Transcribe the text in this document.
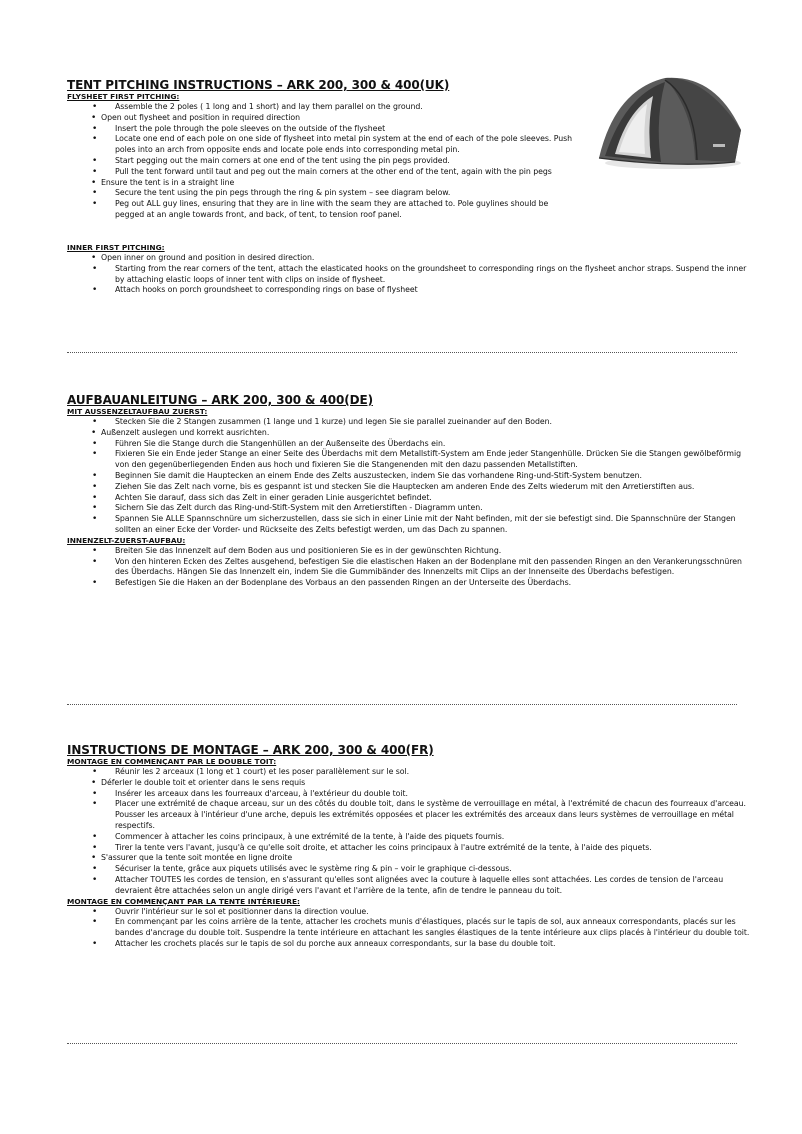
TENT PITCHING INSTRUCTIONS – ARK 200, 300 & 400(UK)
FLYSHEET FIRST PITCHING:
• Assemble the 2 poles ( 1 long and 1 short) and lay them parallel on the ground.
• Open out flysheet and position in required direction
• Insert the pole through the pole sleeves on the outside of the flysheet
• Locate one end of each pole on one side of flysheet into metal pin system at the end of each of the pole sleeves. Push poles into an arch from opposite ends and locate pole ends into corresponding metal pin.
• Start pegging out the main corners at one end of the tent using the pin pegs provided.
• Pull the tent forward until taut and peg out the main corners at the other end of the tent, again with the pin pegs
• Ensure the tent is in a straight line
• Secure the tent using the pin pegs through the ring & pin system – see diagram below.
• Peg out ALL guy lines, ensuring that they are in line with the seam they are attached to. Pole guylines should be pegged at an angle towards front, and back, of tent, to tension roof panel.
INNER FIRST PITCHING:
• Open inner on ground and position in desired direction.
• Starting from the rear corners of the tent, attach the elasticated hooks on the groundsheet to corresponding rings on the flysheet anchor straps. Suspend the inner by attaching elastic loops of inner tent with clips on inside of flysheet.
• Attach hooks on porch groundsheet to corresponding rings on base of flysheet
AUFBAUANLEITUNG – ARK 200, 300 & 400(DE)
MIT AUSSENZELTAUFBAU ZUERST:
• Stecken Sie die 2 Stangen zusammen (1 lange und 1 kurze) und legen Sie sie parallel zueinander auf den Boden.
• Außenzelt auslegen und korrekt ausrichten.
• Führen Sie die Stange durch die Stangenhüllen an der Außenseite des Überdachs ein.
• Fixieren Sie ein Ende jeder Stange an einer Seite des Überdachs mit dem Metallstift-System am Ende jeder Stangenhülle. Drücken Sie die Stangen gewölbeförmig von den gegenüberliegenden Enden aus hoch und fixieren Sie die Stangenenden mit den dazu passenden Metallstiften.
• Beginnen Sie damit die Hauptecken an einem Ende des Zelts auszustecken, indem Sie das vorhandene Ring-und-Stift-System benutzen.
• Ziehen Sie das Zelt nach vorne, bis es gespannt ist und stecken Sie die Hauptecken am anderen Ende des Zelts wiederum mit den Arretierstiften aus.
• Achten Sie darauf, dass sich das Zelt in einer geraden Linie ausgerichtet befindet.
• Sichern Sie das Zelt durch das Ring-und-Stift-System mit den Arretierstiften - Diagramm unten.
• Spannen Sie ALLE Spannschnüre um sicherzustellen, dass sie sich in einer Linie mit der Naht befinden, mit der sie befestigt sind. Die Spannschnüre der Stangen sollten an einer Ecke der Vorder- und Rückseite des Zelts befestigt werden, um das Dach zu spannen.
INNENZELT-ZUERST-AUFBAU:
• Breiten Sie das Innenzelt auf dem Boden aus und positionieren Sie es in der gewünschten Richtung.
• Von den hinteren Ecken des Zeltes ausgehend, befestigen Sie die elastischen Haken an der Bodenplane mit den passenden Ringen an den Verankerungsschnüren des Überdachs. Hängen Sie das Innenzelt ein, indem Sie die Gummibänder des Innenzelts mit Clips an der Innenseite des Überdachs befestigen.
• Befestigen Sie die Haken an der Bodenplane des Vorbaus an den passenden Ringen an der Unterseite des Überdachs.
INSTRUCTIONS DE MONTAGE – ARK 200, 300 & 400(FR)
MONTAGE EN COMMENÇANT PAR LE DOUBLE TOIT:
• Réunir les 2 arceaux (1 long et 1 court) et les poser parallèlement sur le sol.
• Déferler le double toit et orienter dans le sens requis
• Insérer les arceaux dans les fourreaux d'arceau, à l'extérieur du double toit.
• Placer une extrémité de chaque arceau, sur un des côtés du double toit, dans le système de verrouillage en métal, à l'extrémité de chacun des fourreaux d'arceau. Pousser les arceaux à l'intérieur d'une arche, depuis les extrémités opposées et placer les extrémités des arceaux dans leurs systèmes de verrouillage en métal respectifs.
• Commencer à attacher les coins principaux, à une extrémité de la tente, à l'aide des piquets fournis.
• Tirer la tente vers l'avant, jusqu'à ce qu'elle soit droite, et attacher les coins principaux à l'autre extrémité de la tente, à l'aide des piquets.
• S'assurer que la tente soit montée en ligne droite
• Sécuriser la tente, grâce aux piquets utilisés avec le système ring & pin – voir le graphique ci-dessous.
• Attacher TOUTES les cordes de tension, en s'assurant qu'elles sont alignées avec la couture à laquelle elles sont attachées. Les cordes de tension de l'arceau devraient être attachées selon un angle dirigé vers l'avant et l'arrière de la tente, afin de tendre le panneau du toit.
MONTAGE EN COMMENÇANT PAR LA TENTE INTÉRIEURE:
• Ouvrir l'intérieur sur le sol et positionner dans la direction voulue.
• En commençant par les coins arrière de la tente, attacher les crochets munis d'élastiques, placés sur le tapis de sol, aux anneaux correspondants, placés sur les bandes d'ancrage du double toit. Suspendre la tente intérieure en attachant les sangles élastiques de la tente intérieure aux clips placés à l'intérieur du double toit.
• Attacher les crochets placés sur le tapis de sol du porche aux anneaux correspondants, sur la base du double toit.
